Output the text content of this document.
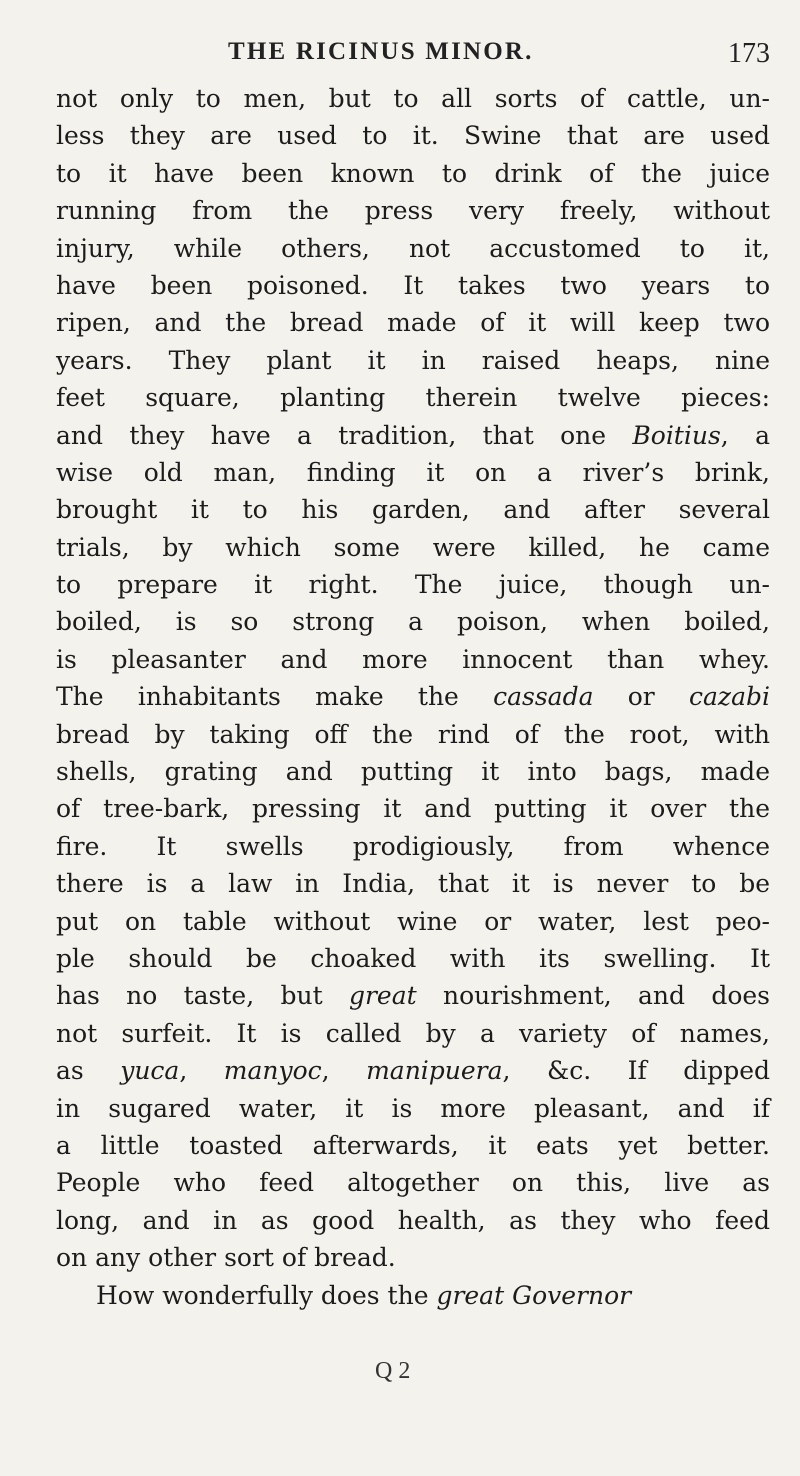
THE RICINUS MINOR.	173
not only to men, but to all sorts of cattle, un-
less they are used to it. Swine that are used
to it have been known to drink of the juice
running from the press very freely, without
injury, while others, not accustomed to it,
have been poisoned. It takes two years to
ripen, and the bread made of it will keep two
years. They plant it in raised heaps, nine
feet square, planting therein twelve pieces:
and they have a tradition, that one Boitius, a
wise old man, finding it on a river’s brink,
brought it to his garden, and after several
trials, by which some were killed, he came
to prepare it right. The juice, though un-
boiled, is so strong a poison, when boiled,
is pleasanter and more innocent than whey.
The inhabitants make the cassada or cazabi
bread by taking off the rind of the root, with
shells, grating and putting it into bags, made
of tree-bark, pressing it and putting it over the
fire. It swells prodigiously, from whence
there is a law in India, that it is never to be
put on table without wine or water, lest peo-
ple should be choaked with its swelling. It
has no taste, but great nourishment, and does
not surfeit. It is called by a variety of names,
as yuca, manyoc, manipuera, &c. If dipped
in sugared water, it is more pleasant, and if
a little toasted afterwards, it eats yet better.
People who feed altogether on this, live as
long, and in as good health, as they who feed
on any other sort of bread.
How wonderfully does the great Governor
Q 2
